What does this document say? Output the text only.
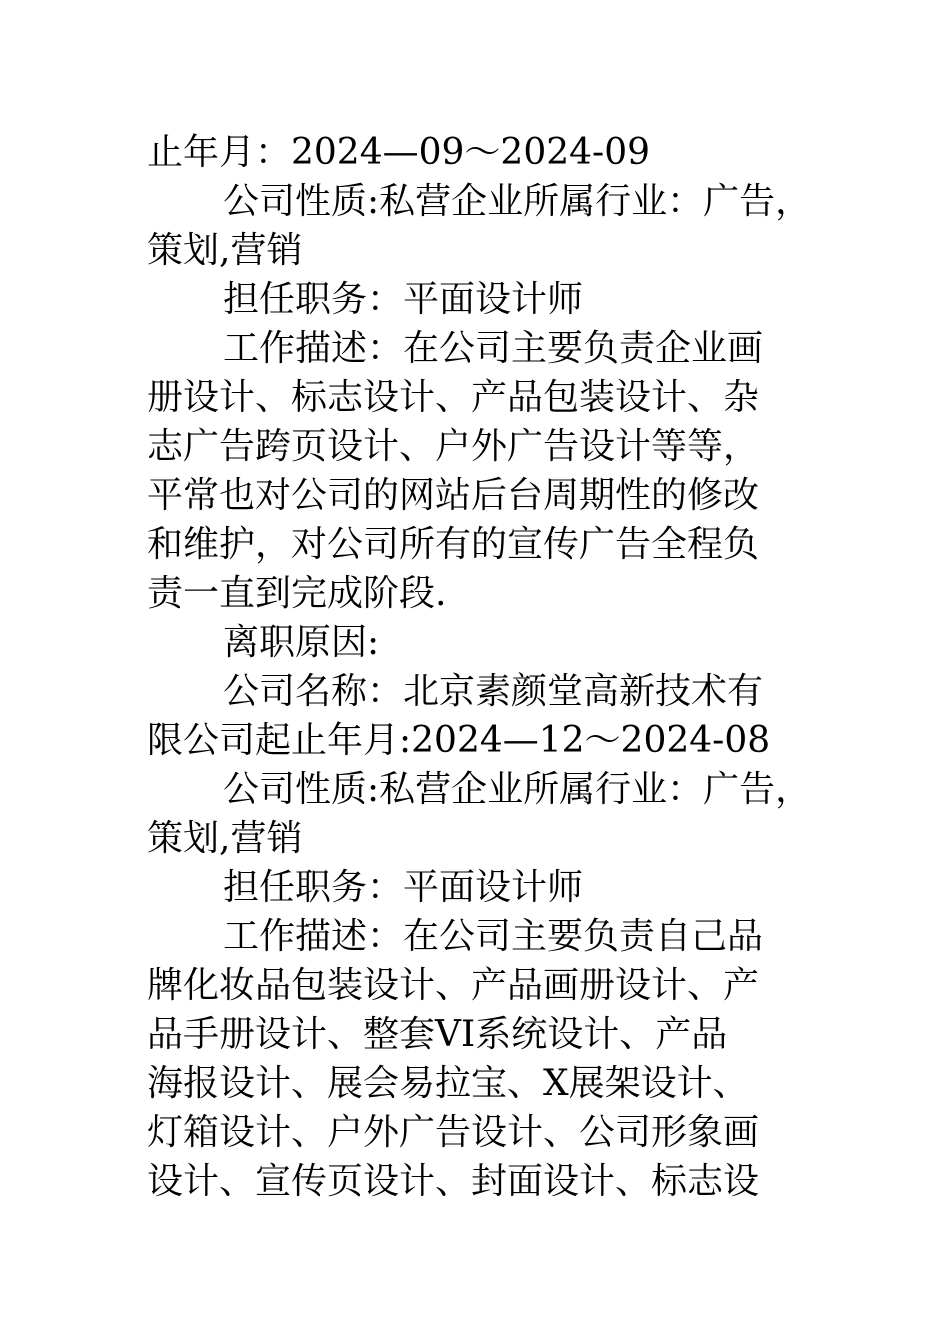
止年月：2024—09～2024-09
公司性质:私营企业所属行业：广告，
策划,营销
担任职务：平面设计师
工作描述：在公司主要负责企业画
册设计、标志设计、产品包装设计、杂
志广告跨页设计、户外广告设计等等，
平常也对公司的网站后台周期性的修改
和维护，对公司所有的宣传广告全程负
责一直到完成阶段.
离职原因:
公司名称：北京素颜堂高新技术有
限公司起止年月:2024—12～2024-08
公司性质:私营企业所属行业：广告，
策划,营销
担任职务：平面设计师
工作描述：在公司主要负责自己品
牌化妆品包装设计、产品画册设计、产
品手册设计、整套VI系统设计、产品
海报设计、展会易拉宝、X展架设计、
灯箱设计、户外广告设计、公司形象画
设计、宣传页设计、封面设计、标志设
